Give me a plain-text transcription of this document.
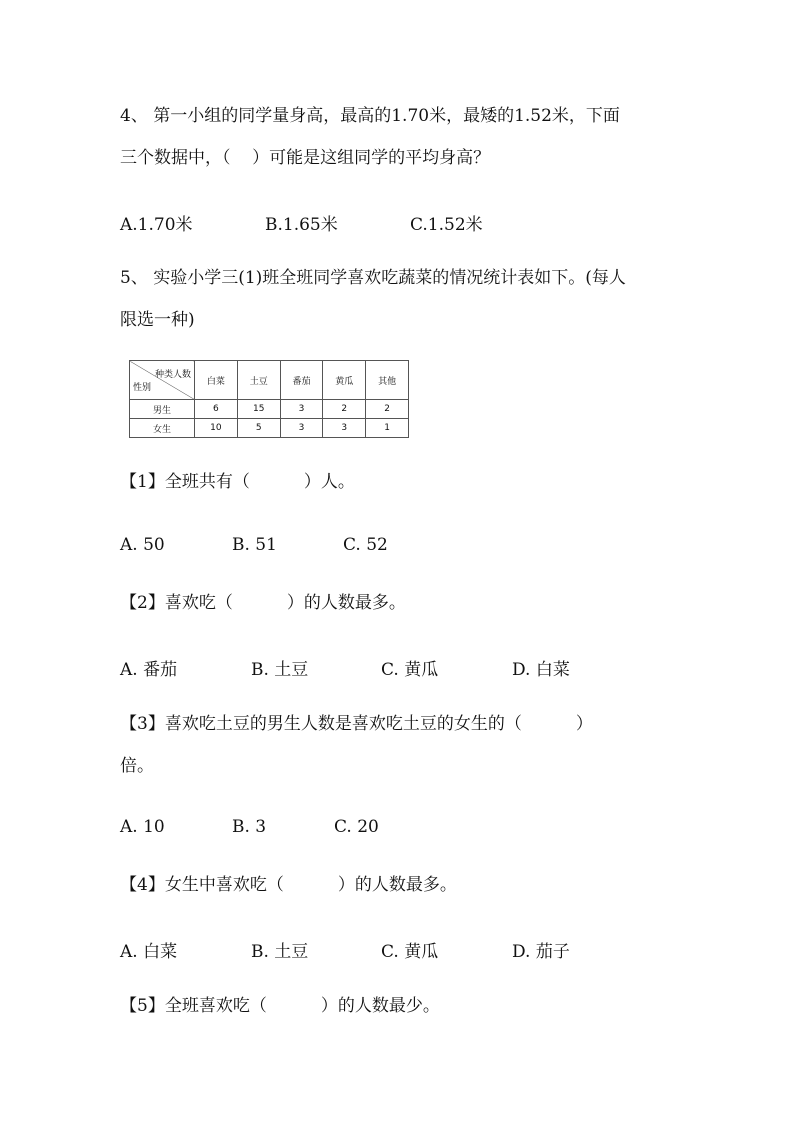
4、 第一小组的同学量身高，最高的1.70米，最矮的1.52米，下面
三个数据中，（    ）可能是这组同学的平均身高？
A.1.70米	B.1.65米	C.1.52米
5、 实验小学三(1)班全班同学喜欢吃蔬菜的情况统计表如下。(每人
限选一种)
种类人数
性别	白菜	土豆	番茄	黄瓜	其他
男生	6	15	3	2	2
女生	10	5	3	3	1
【1】全班共有（          ）人。
A. 50	B. 51	C. 52
【2】喜欢吃（          ）的人数最多。
A. 番茄	B. 土豆	C. 黄瓜	D. 白菜
【3】喜欢吃土豆的男生人数是喜欢吃土豆的女生的（          ）
倍。
A. 10	B. 3	C. 20
【4】女生中喜欢吃（          ）的人数最多。
A. 白菜	B. 土豆	C. 黄瓜	D. 茄子
【5】全班喜欢吃（          ）的人数最少。
